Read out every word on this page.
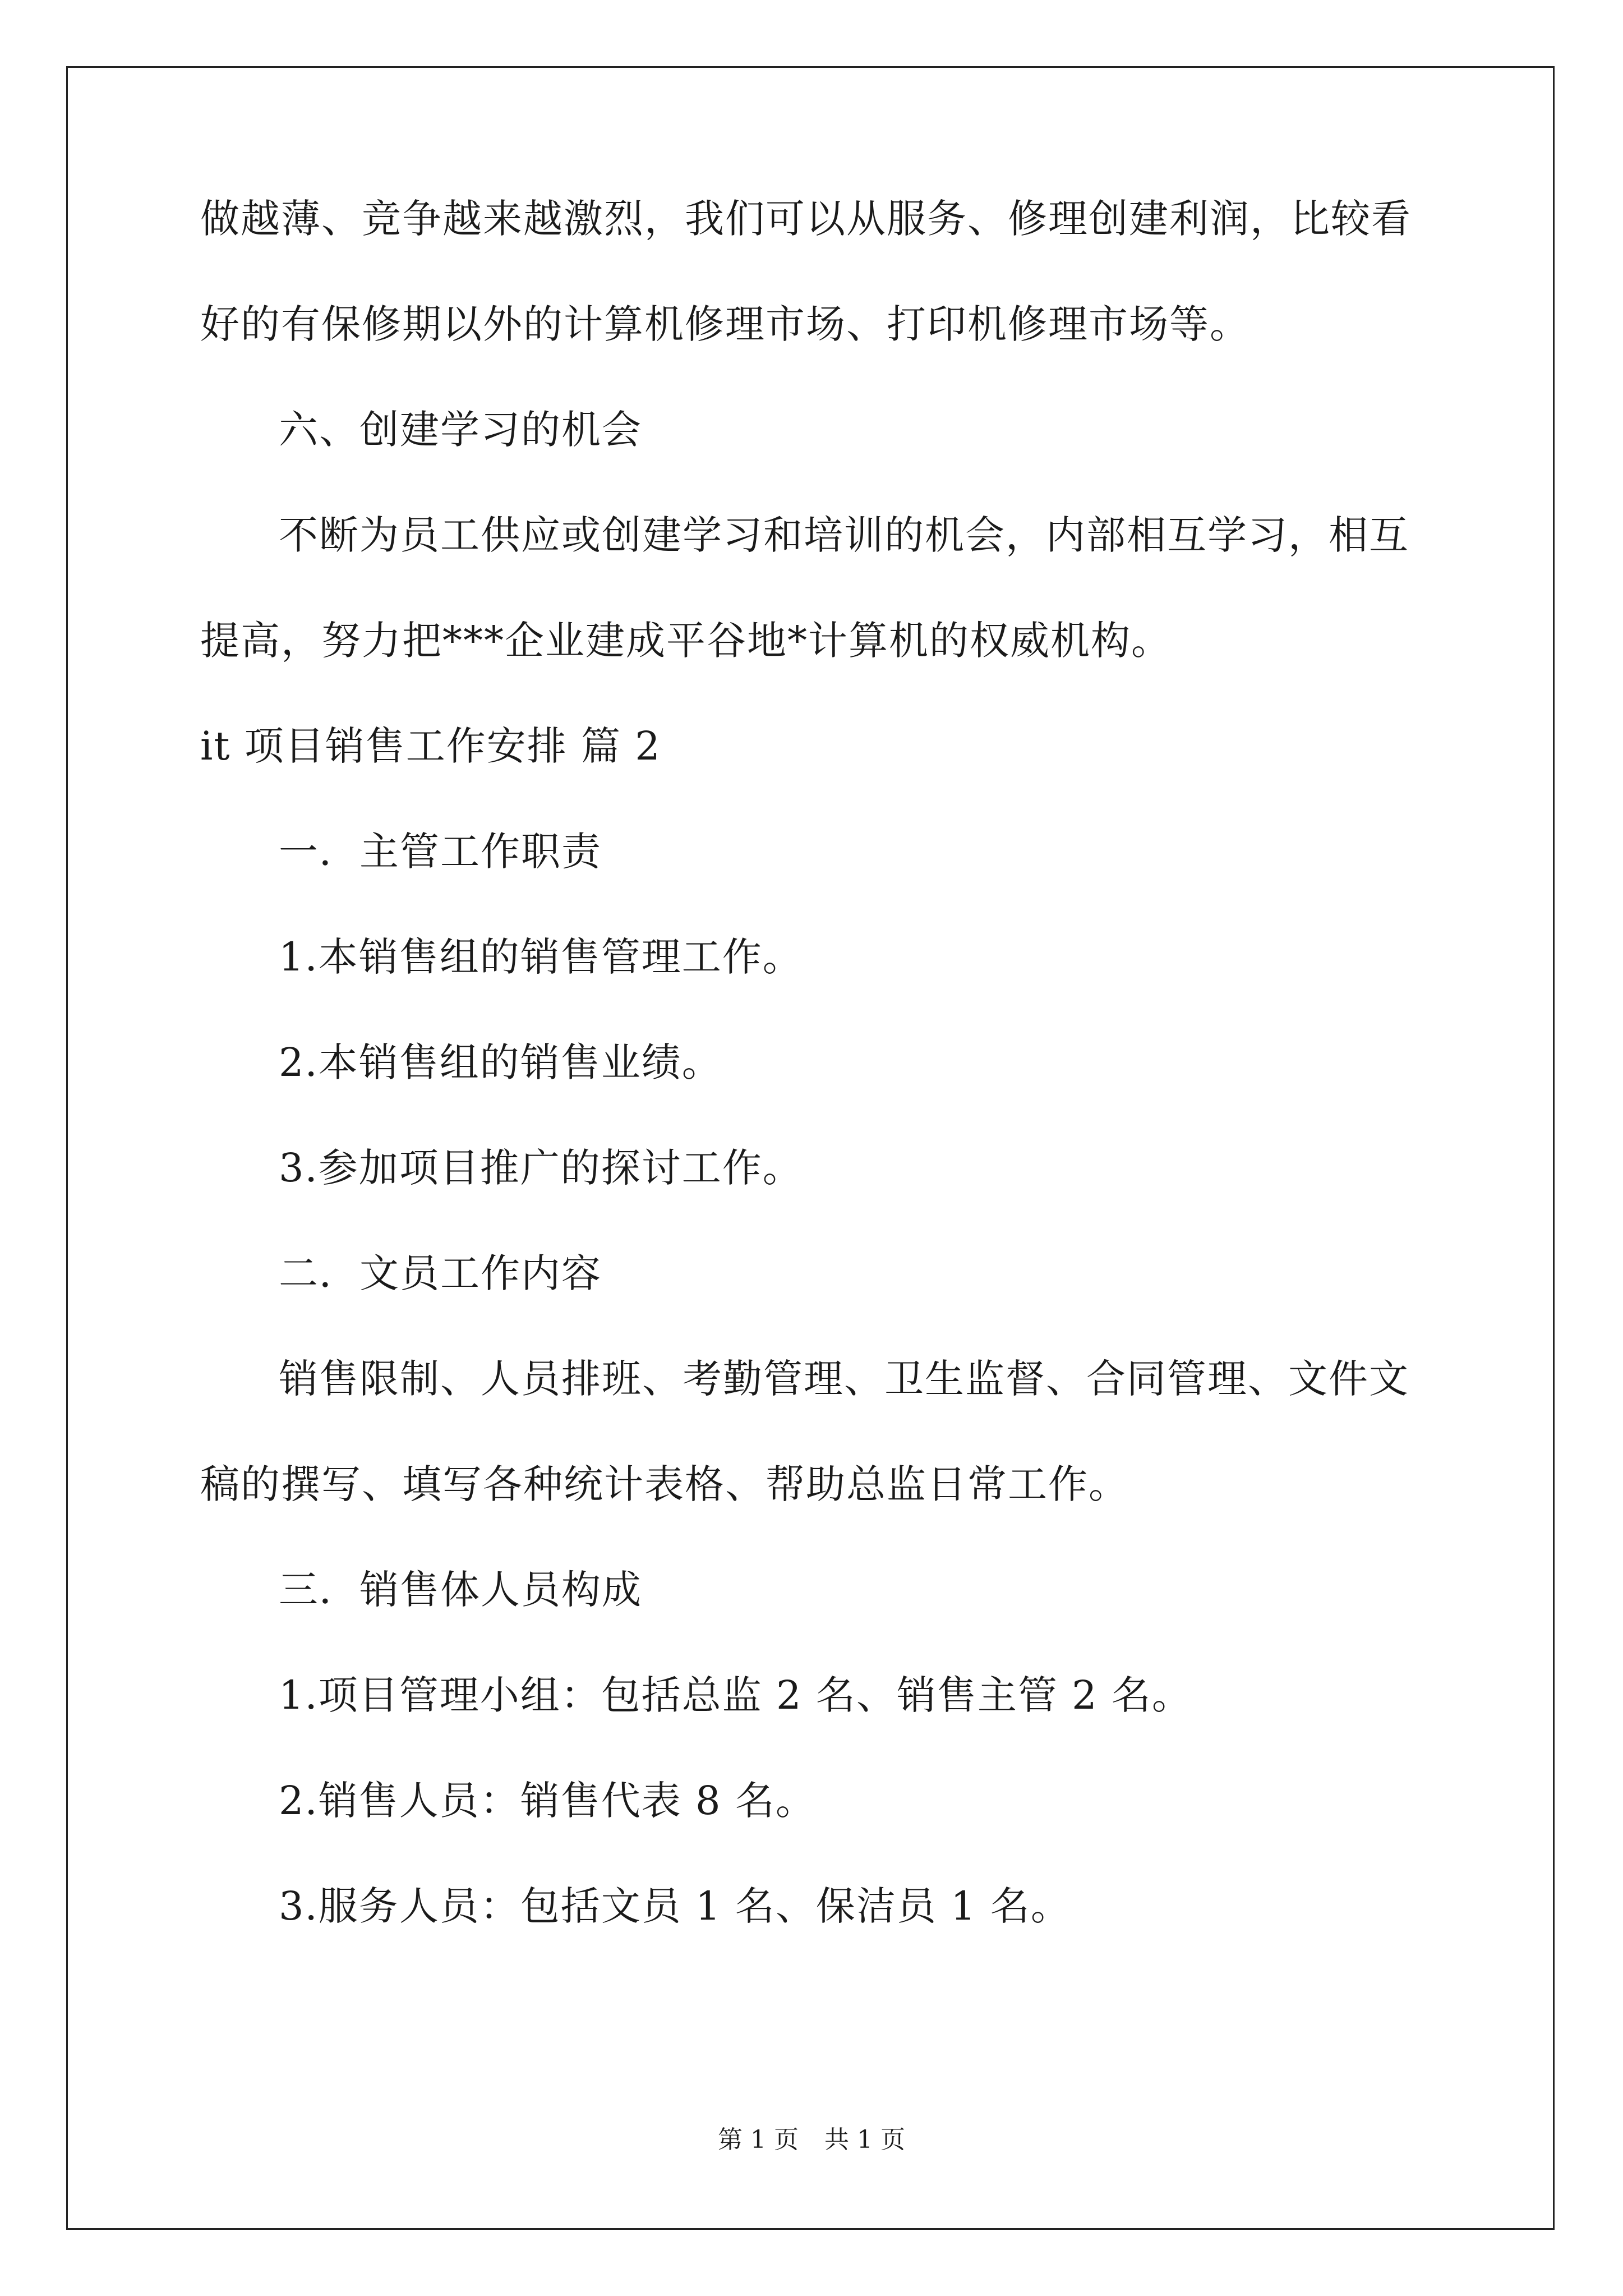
做越薄、竞争越来越激烈，我们可以从服务、修理创建利润，比较看
好的有保修期以外的计算机修理市场、打印机修理市场等。
六、创建学习的机会
不断为员工供应或创建学习和培训的机会，内部相互学习，相互
提高，努力把***企业建成平谷地*计算机的权威机构。
it 项目销售工作安排 篇 2
一．主管工作职责
1.本销售组的销售管理工作。
2.本销售组的销售业绩。
3.参加项目推广的探讨工作。
二．文员工作内容
销售限制、人员排班、考勤管理、卫生监督、合同管理、文件文
稿的撰写、填写各种统计表格、帮助总监日常工作。
三．销售体人员构成
1.项目管理小组：包括总监 2 名、销售主管 2 名。
2.销售人员：销售代表 8 名。
3.服务人员：包括文员 1 名、保洁员 1 名。
第 1 页 共 1 页
